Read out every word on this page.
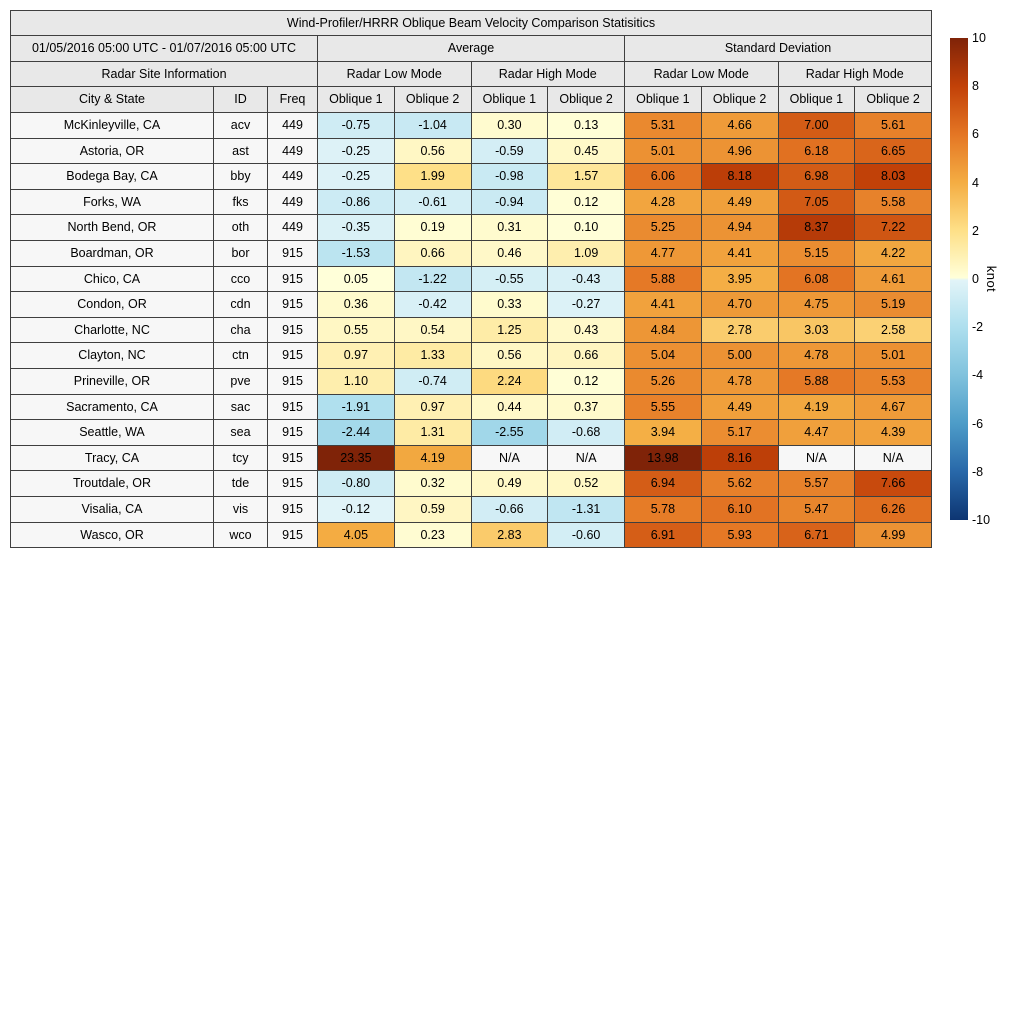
Wind-Profiler/HRRR Oblique Beam Velocity Comparison Statisitics										
01/05/2016 05:00 UTC - 01/07/2016 05:00 UTC			Average				Standard Deviation			
Radar Site Information			Radar Low Mode		Radar High Mode		Radar Low Mode		Radar High Mode	
City & State	ID	Freq	Oblique 1	Oblique 2	Oblique 1	Oblique 2	Oblique 1	Oblique 2	Oblique 1	Oblique 2
McKinleyville, CA	acv	449	-0.75	-1.04	0.30	0.13	5.31	4.66	7.00	5.61
Astoria, OR	ast	449	-0.25	0.56	-0.59	0.45	5.01	4.96	6.18	6.65
Bodega Bay, CA	bby	449	-0.25	1.99	-0.98	1.57	6.06	8.18	6.98	8.03
Forks, WA	fks	449	-0.86	-0.61	-0.94	0.12	4.28	4.49	7.05	5.58
North Bend, OR	oth	449	-0.35	0.19	0.31	0.10	5.25	4.94	8.37	7.22
Boardman, OR	bor	915	-1.53	0.66	0.46	1.09	4.77	4.41	5.15	4.22
Chico, CA	cco	915	0.05	-1.22	-0.55	-0.43	5.88	3.95	6.08	4.61
Condon, OR	cdn	915	0.36	-0.42	0.33	-0.27	4.41	4.70	4.75	5.19
Charlotte, NC	cha	915	0.55	0.54	1.25	0.43	4.84	2.78	3.03	2.58
Clayton, NC	ctn	915	0.97	1.33	0.56	0.66	5.04	5.00	4.78	5.01
Prineville, OR	pve	915	1.10	-0.74	2.24	0.12	5.26	4.78	5.88	5.53
Sacramento, CA	sac	915	-1.91	0.97	0.44	0.37	5.55	4.49	4.19	4.67
Seattle, WA	sea	915	-2.44	1.31	-2.55	-0.68	3.94	5.17	4.47	4.39
Tracy, CA	tcy	915	23.35	4.19	N/A	N/A	13.98	8.16	N/A	N/A
Troutdale, OR	tde	915	-0.80	0.32	0.49	0.52	6.94	5.62	5.57	7.66
Visalia, CA	vis	915	-0.12	0.59	-0.66	-1.31	5.78	6.10	5.47	6.26
Wasco, OR	wco	915	4.05	0.23	2.83	-0.60	6.91	5.93	6.71	4.99
10
8
6
4
2
0
-2
-4
-6
-8
-10
knot
